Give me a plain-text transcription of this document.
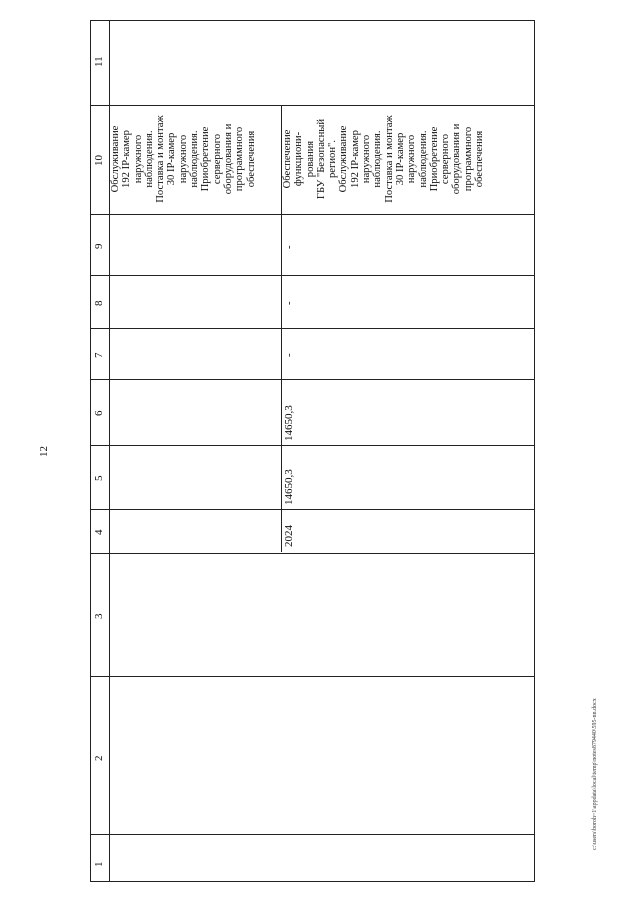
12
1
2
3
4
5
6
7
8
9
10
11
Обслуживание 192 IP-камер наружного наблюдения. Поставка и монтаж 30 IP-камер наружного наблюдения. Приобретение серверного оборудования и программного обеспечения
2024
14650,3
14650,3
-
-
-
Обеспечение функциони- рования ГБУ "Безопасный регион". Обслуживание 192 IP-камер наружного наблюдения. Поставка и монтаж 30 IP-камер наружного наблюдения. Приобретение серверного оборудования и программного обеспечения
c:\users\boroh~1\appdata\local\temp\notes879440\595-nn.docx
